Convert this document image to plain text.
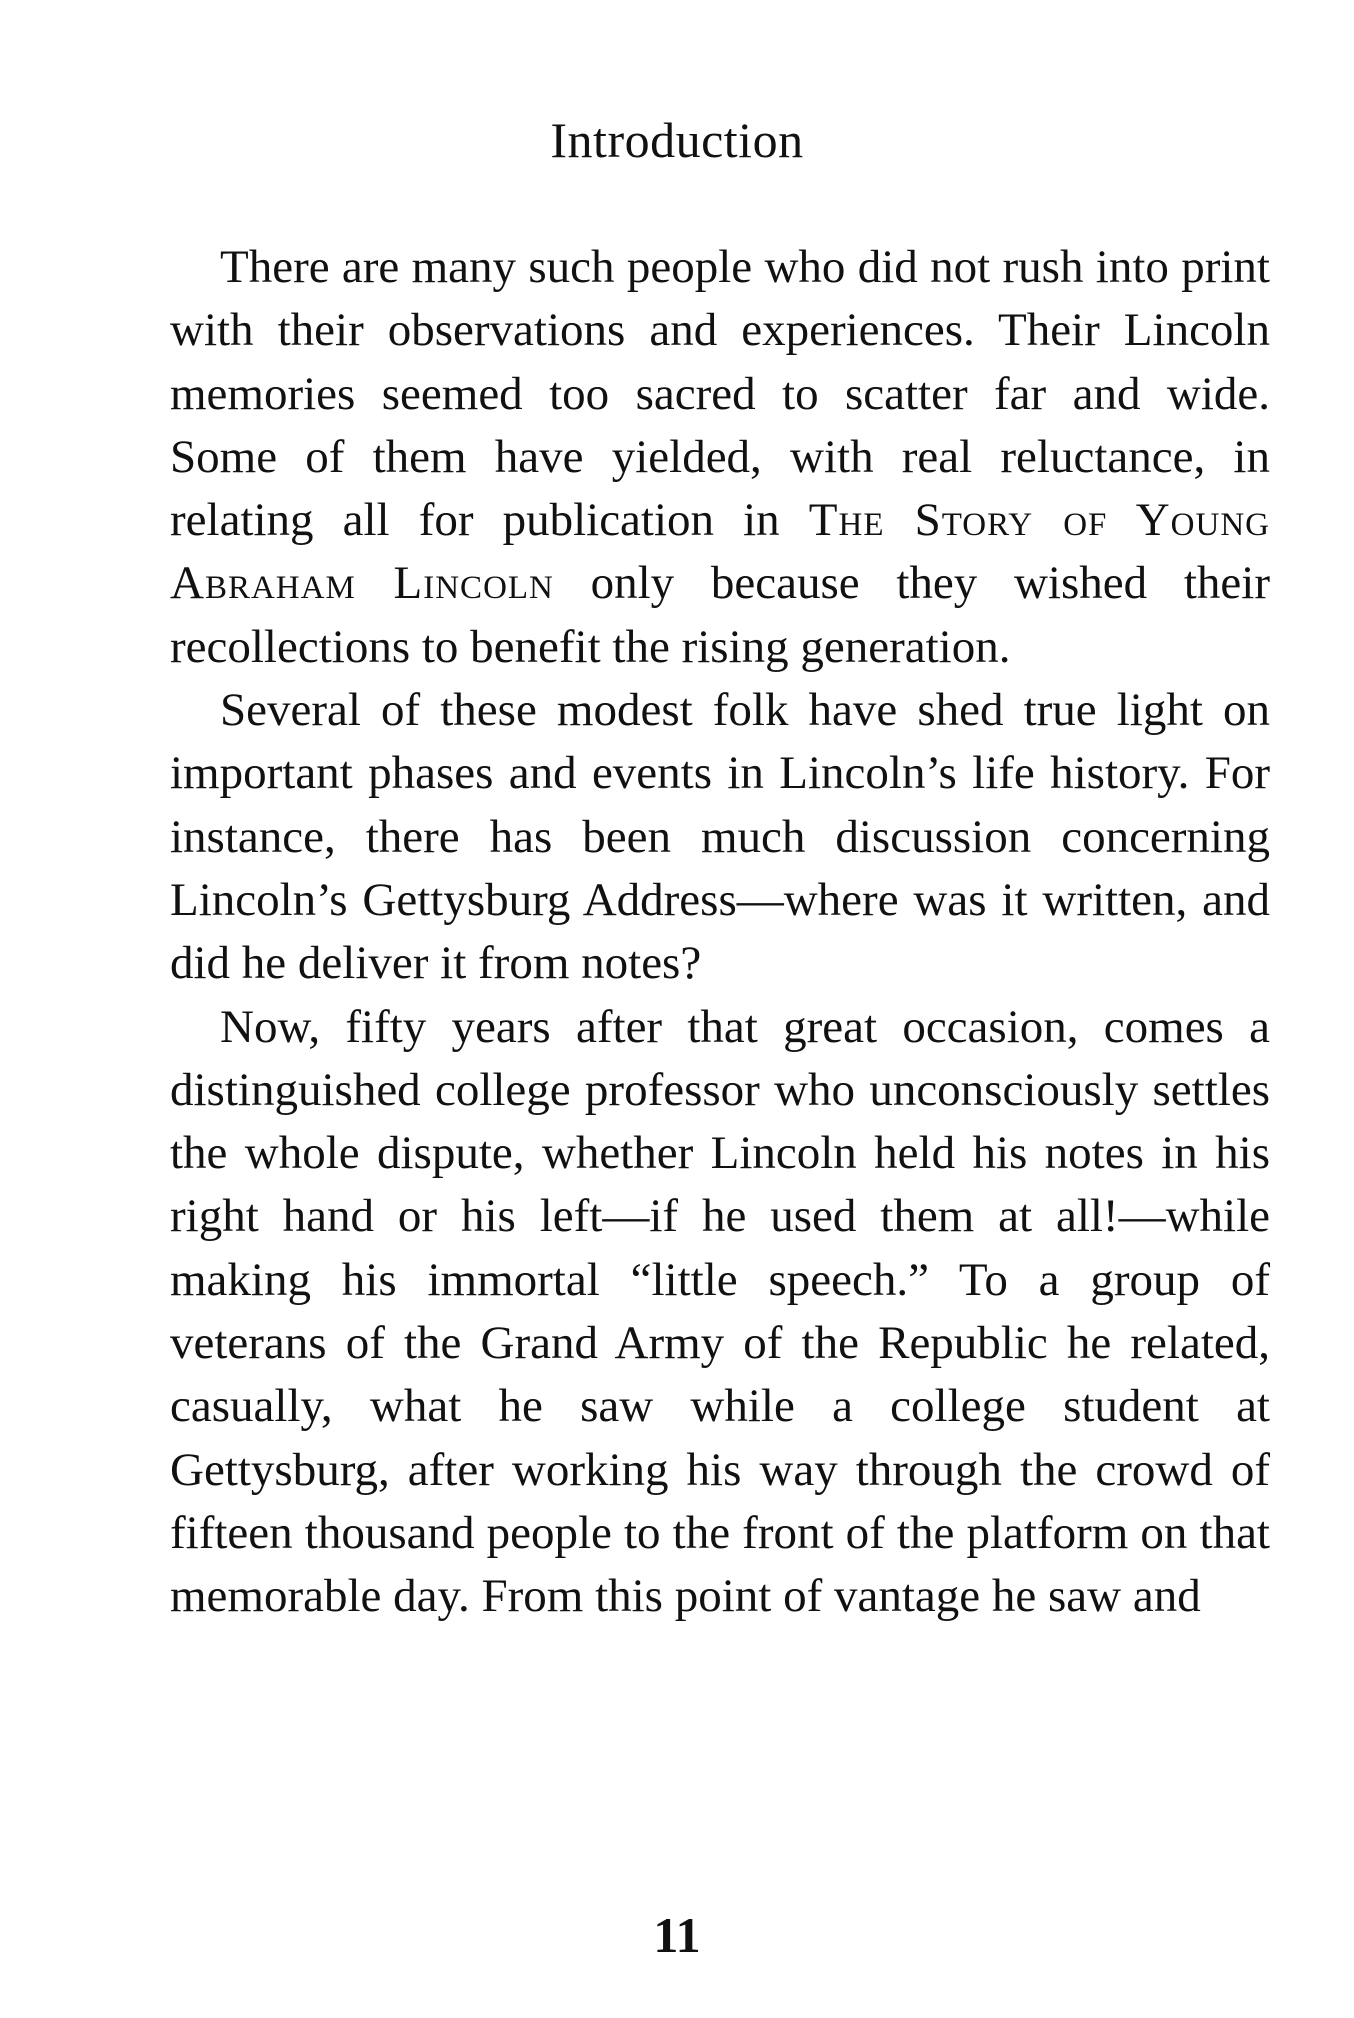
Introduction

There are many such people who did not rush into print with their observations and experiences. Their Lincoln memories seemed too sacred to scatter far and wide. Some of them have yielded, with real reluctance, in relating all for publication in The Story of Young Abraham Lincoln only because they wished their recollections to benefit the rising generation.

Several of these modest folk have shed true light on important phases and events in Lincoln’s life history. For instance, there has been much discussion concerning Lincoln’s Gettysburg Address—where was it written, and did he deliver it from notes?

Now, fifty years after that great occasion, comes a distinguished college professor who unconsciously settles the whole dispute, whether Lincoln held his notes in his right hand or his left—if he used them at all!—while making his immortal “little speech.” To a group of veterans of the Grand Army of the Republic he related, casually, what he saw while a college student at Gettysburg, after working his way through the crowd of fifteen thousand people to the front of the platform on that memorable day. From this point of vantage he saw and

11
